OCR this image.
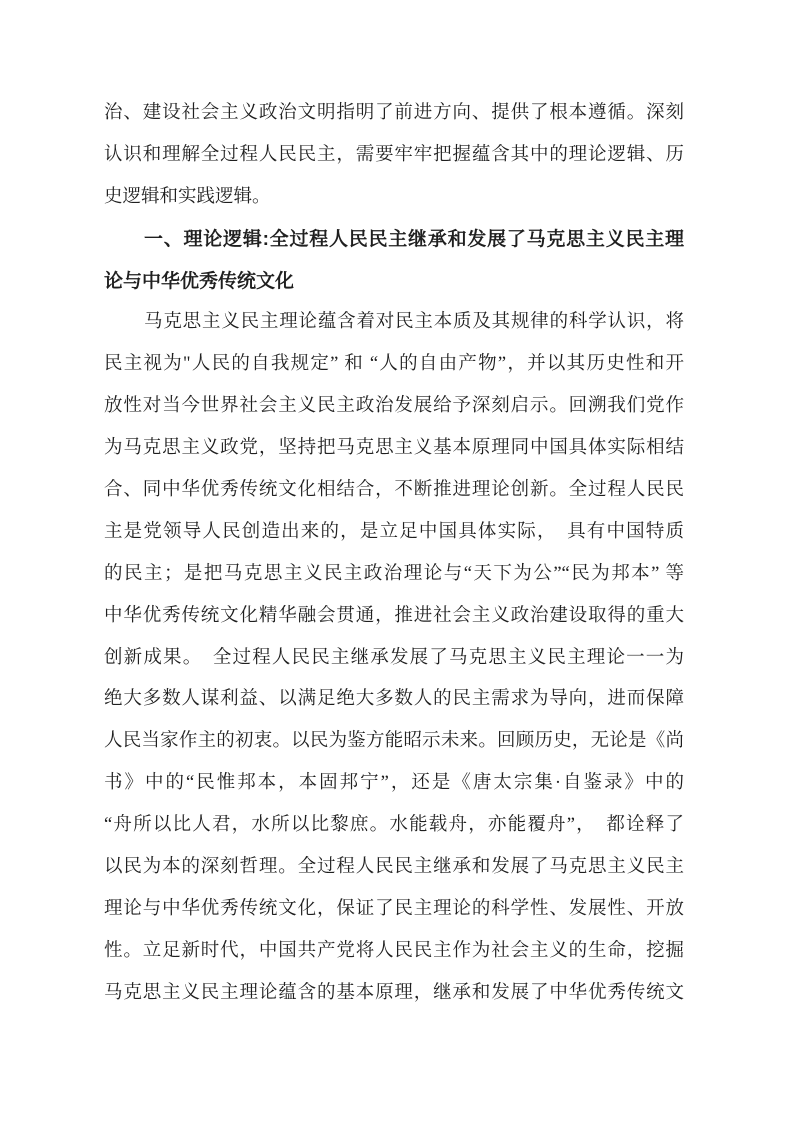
治、建设社会主义政治文明指明了前进方向、提供了根本遵循。深刻
认识和理解全过程人民民主，需要牢牢把握蕴含其中的理论逻辑、历
史逻辑和实践逻辑。
一、理论逻辑:全过程人民民主继承和发展了马克思主义民主理
论与中华优秀传统文化
马克思主义民主理论蕴含着对民主本质及其规律的科学认识，将
民主视为"人民的自我规定” 和 “人的自由产物”，并以其历史性和开
放性对当今世界社会主义民主政治发展给予深刻启示。回溯我们党作
为马克思主义政党，坚持把马克思主义基本原理同中国具体实际相结
合、同中华优秀传统文化相结合，不断推进理论创新。全过程人民民
主是党领导人民创造出来的，是立足中国具体实际，　具有中国特质
的民主；是把马克思主义民主政治理论与“天下为公”“民为邦本” 等
中华优秀传统文化精华融会贯通，推进社会主义政治建设取得的重大
创新成果。　全过程人民民主继承发展了马克思主义民主理论一一为
绝大多数人谋利益、以满足绝大多数人的民主需求为导向，进而保障
人民当家作主的初衷。以民为鉴方能昭示未来。回顾历史，无论是《尚
书》中的“民惟邦本，本固邦宁”，还是《唐太宗集·自鉴录》中的
“舟所以比人君，水所以比黎庶。水能载舟，亦能覆舟”，　都诠释了
以民为本的深刻哲理。全过程人民民主继承和发展了马克思主义民主
理论与中华优秀传统文化，保证了民主理论的科学性、发展性、开放
性。立足新时代，中国共产党将人民民主作为社会主义的生命，挖掘
马克思主义民主理论蕴含的基本原理，继承和发展了中华优秀传统文
